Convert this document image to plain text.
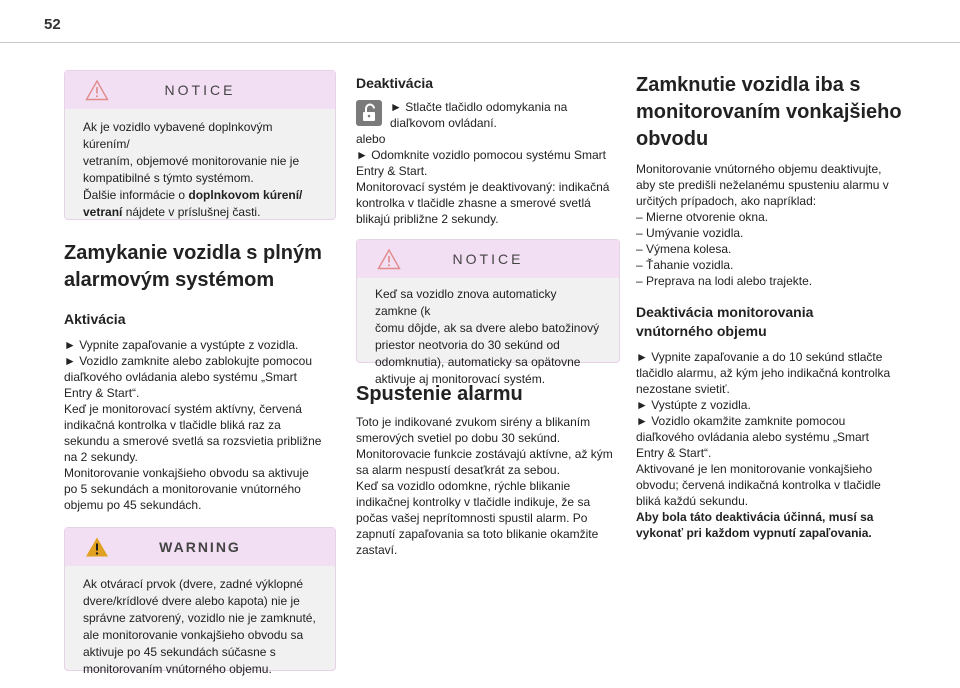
52
NOTICE
Ak je vozidlo vybavené doplnkovým kúrením/
vetraním, objemové monitorovanie nie je
kompatibilné s týmto systémom.
Ďalšie informácie o doplnkovom kúrení/
vetraní nájdete v príslušnej časti.
Zamykanie vozidla s plným
alarmovým systémom
Aktivácia

► Vypnite zapaľovanie a vystúpte z vozidla.
► Vozidlo zamknite alebo zablokujte pomocou
diaľkového ovládania alebo systému „Smart
Entry & Start“.
Keď je monitorovací systém aktívny, červená
indikačná kontrolka v tlačidle bliká raz za
sekundu a smerové svetlá sa rozsvietia približne
na 2 sekundy.
Monitorovanie vonkajšieho obvodu sa aktivuje
po 5 sekundách a monitorovanie vnútorného
objemu po 45 sekundách.

WARNING
Ak otvárací prvok (dvere, zadné výklopné
dvere/krídlové dvere alebo kapota) nie je
správne zatvorený, vozidlo nie je zamknuté,
ale monitorovanie vonkajšieho obvodu sa
aktivuje po 45 sekundách súčasne s
monitorovaním vnútorného objemu.
Deaktivácia
► Stlačte tlačidlo odomykania na
diaľkovom ovládaní.

alebo
► Odomknite vozidlo pomocou systému Smart
Entry & Start.
Monitorovací systém je deaktivovaný: indikačná
kontrolka v tlačidle zhasne a smerové svetlá
blikajú približne 2 sekundy.

NOTICE
Keď sa vozidlo znova automaticky zamkne (k
čomu dôjde, ak sa dvere alebo batožinový
priestor neotvoria do 30 sekúnd od
odomknutia), automaticky sa opätovne
aktivuje aj monitorovací systém.
Spustenie alarmu

Toto je indikované zvukom sirény a blikaním
smerových svetiel po dobu 30 sekúnd.
Monitorovacie funkcie zostávajú aktívne, až kým
sa alarm nespustí desaťkrát za sebou.
Keď sa vozidlo odomkne, rýchle blikanie
indikačnej kontrolky v tlačidle indikuje, že sa
počas vašej neprítomnosti spustil alarm. Po
zapnutí zapaľovania sa toto blikanie okamžite
zastaví.

Zamknutie vozidla iba s
monitorovaním vonkajšieho
obvodu

Monitorovanie vnútorného objemu deaktivujte,
aby ste predišli neželanému spusteniu alarmu v
určitých prípadoch, ako napríklad:
– Mierne otvorenie okna.
– Umývanie vozidla.
– Výmena kolesa.
– Ťahanie vozidla.
– Preprava na lodi alebo trajekte.

Deaktivácia monitorovania
vnútorného objemu

► Vypnite zapaľovanie a do 10 sekúnd stlačte
tlačidlo alarmu, až kým jeho indikačná kontrolka
nezostane svietiť.
► Vystúpte z vozidla.
► Vozidlo okamžite zamknite pomocou
diaľkového ovládania alebo systému „Smart
Entry & Start“.
Aktivované je len monitorovanie vonkajšieho
obvodu; červená indikačná kontrolka v tlačidle
bliká každú sekundu.
Aby bola táto deaktivácia účinná, musí sa
vykonať pri každom vypnutí zapaľovania.
